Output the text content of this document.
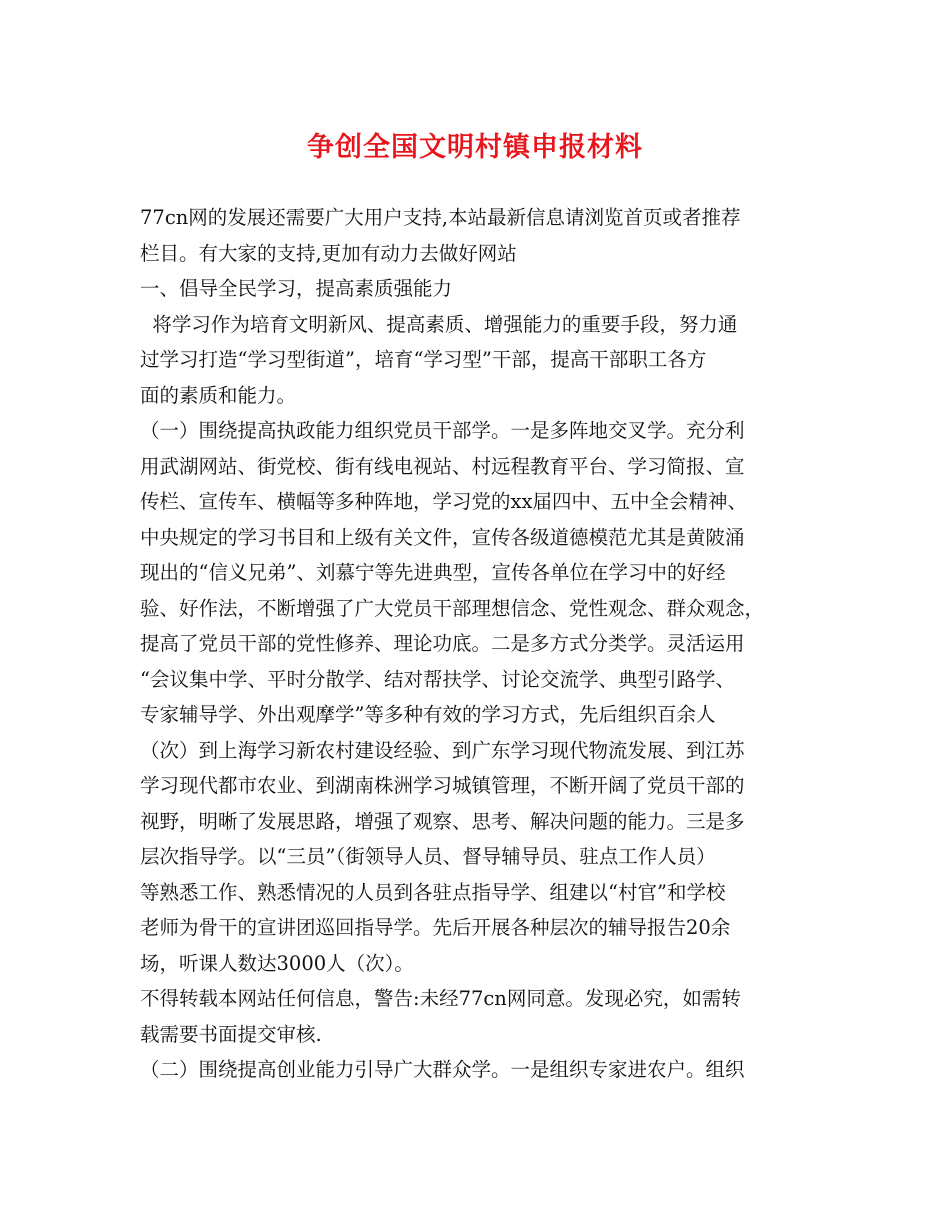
争创全国文明村镇申报材料
77cn网的发展还需要广大用户支持,本站最新信息请浏览首页或者推荐
栏目。有大家的支持,更加有动力去做好网站
一、倡导全民学习，提高素质强能力
将学习作为培育文明新风、提高素质、增强能力的重要手段，努力通
过学习打造“学习型街道”，培育“学习型”干部，提高干部职工各方
面的素质和能力。
（一）围绕提高执政能力组织党员干部学。一是多阵地交叉学。充分利
用武湖网站、街党校、街有线电视站、村远程教育平台、学习简报、宣
传栏、宣传车、横幅等多种阵地，学习党的xx届四中、五中全会精神、
中央规定的学习书目和上级有关文件，宣传各级道德模范尤其是黄陂涌
现出的“信义兄弟”、刘慕宁等先进典型，宣传各单位在学习中的好经
验、好作法，不断增强了广大党员干部理想信念、党性观念、群众观念，
提高了党员干部的党性修养、理论功底。二是多方式分类学。灵活运用
“会议集中学、平时分散学、结对帮扶学、讨论交流学、典型引路学、
专家辅导学、外出观摩学”等多种有效的学习方式，先后组织百余人
（次）到上海学习新农村建设经验、到广东学习现代物流发展、到江苏
学习现代都市农业、到湖南株洲学习城镇管理，不断开阔了党员干部的
视野，明晰了发展思路，增强了观察、思考、解决问题的能力。三是多
层次指导学。以“三员”（街领导人员、督导辅导员、驻点工作人员）
等熟悉工作、熟悉情况的人员到各驻点指导学、组建以“村官”和学校
老师为骨干的宣讲团巡回指导学。先后开展各种层次的辅导报告20余
场，听课人数达3000人（次）。
不得转载本网站任何信息，警告:未经77cn网同意。发现必究，如需转
载需要书面提交审核.
（二）围绕提高创业能力引导广大群众学。一是组织专家进农户。组织
